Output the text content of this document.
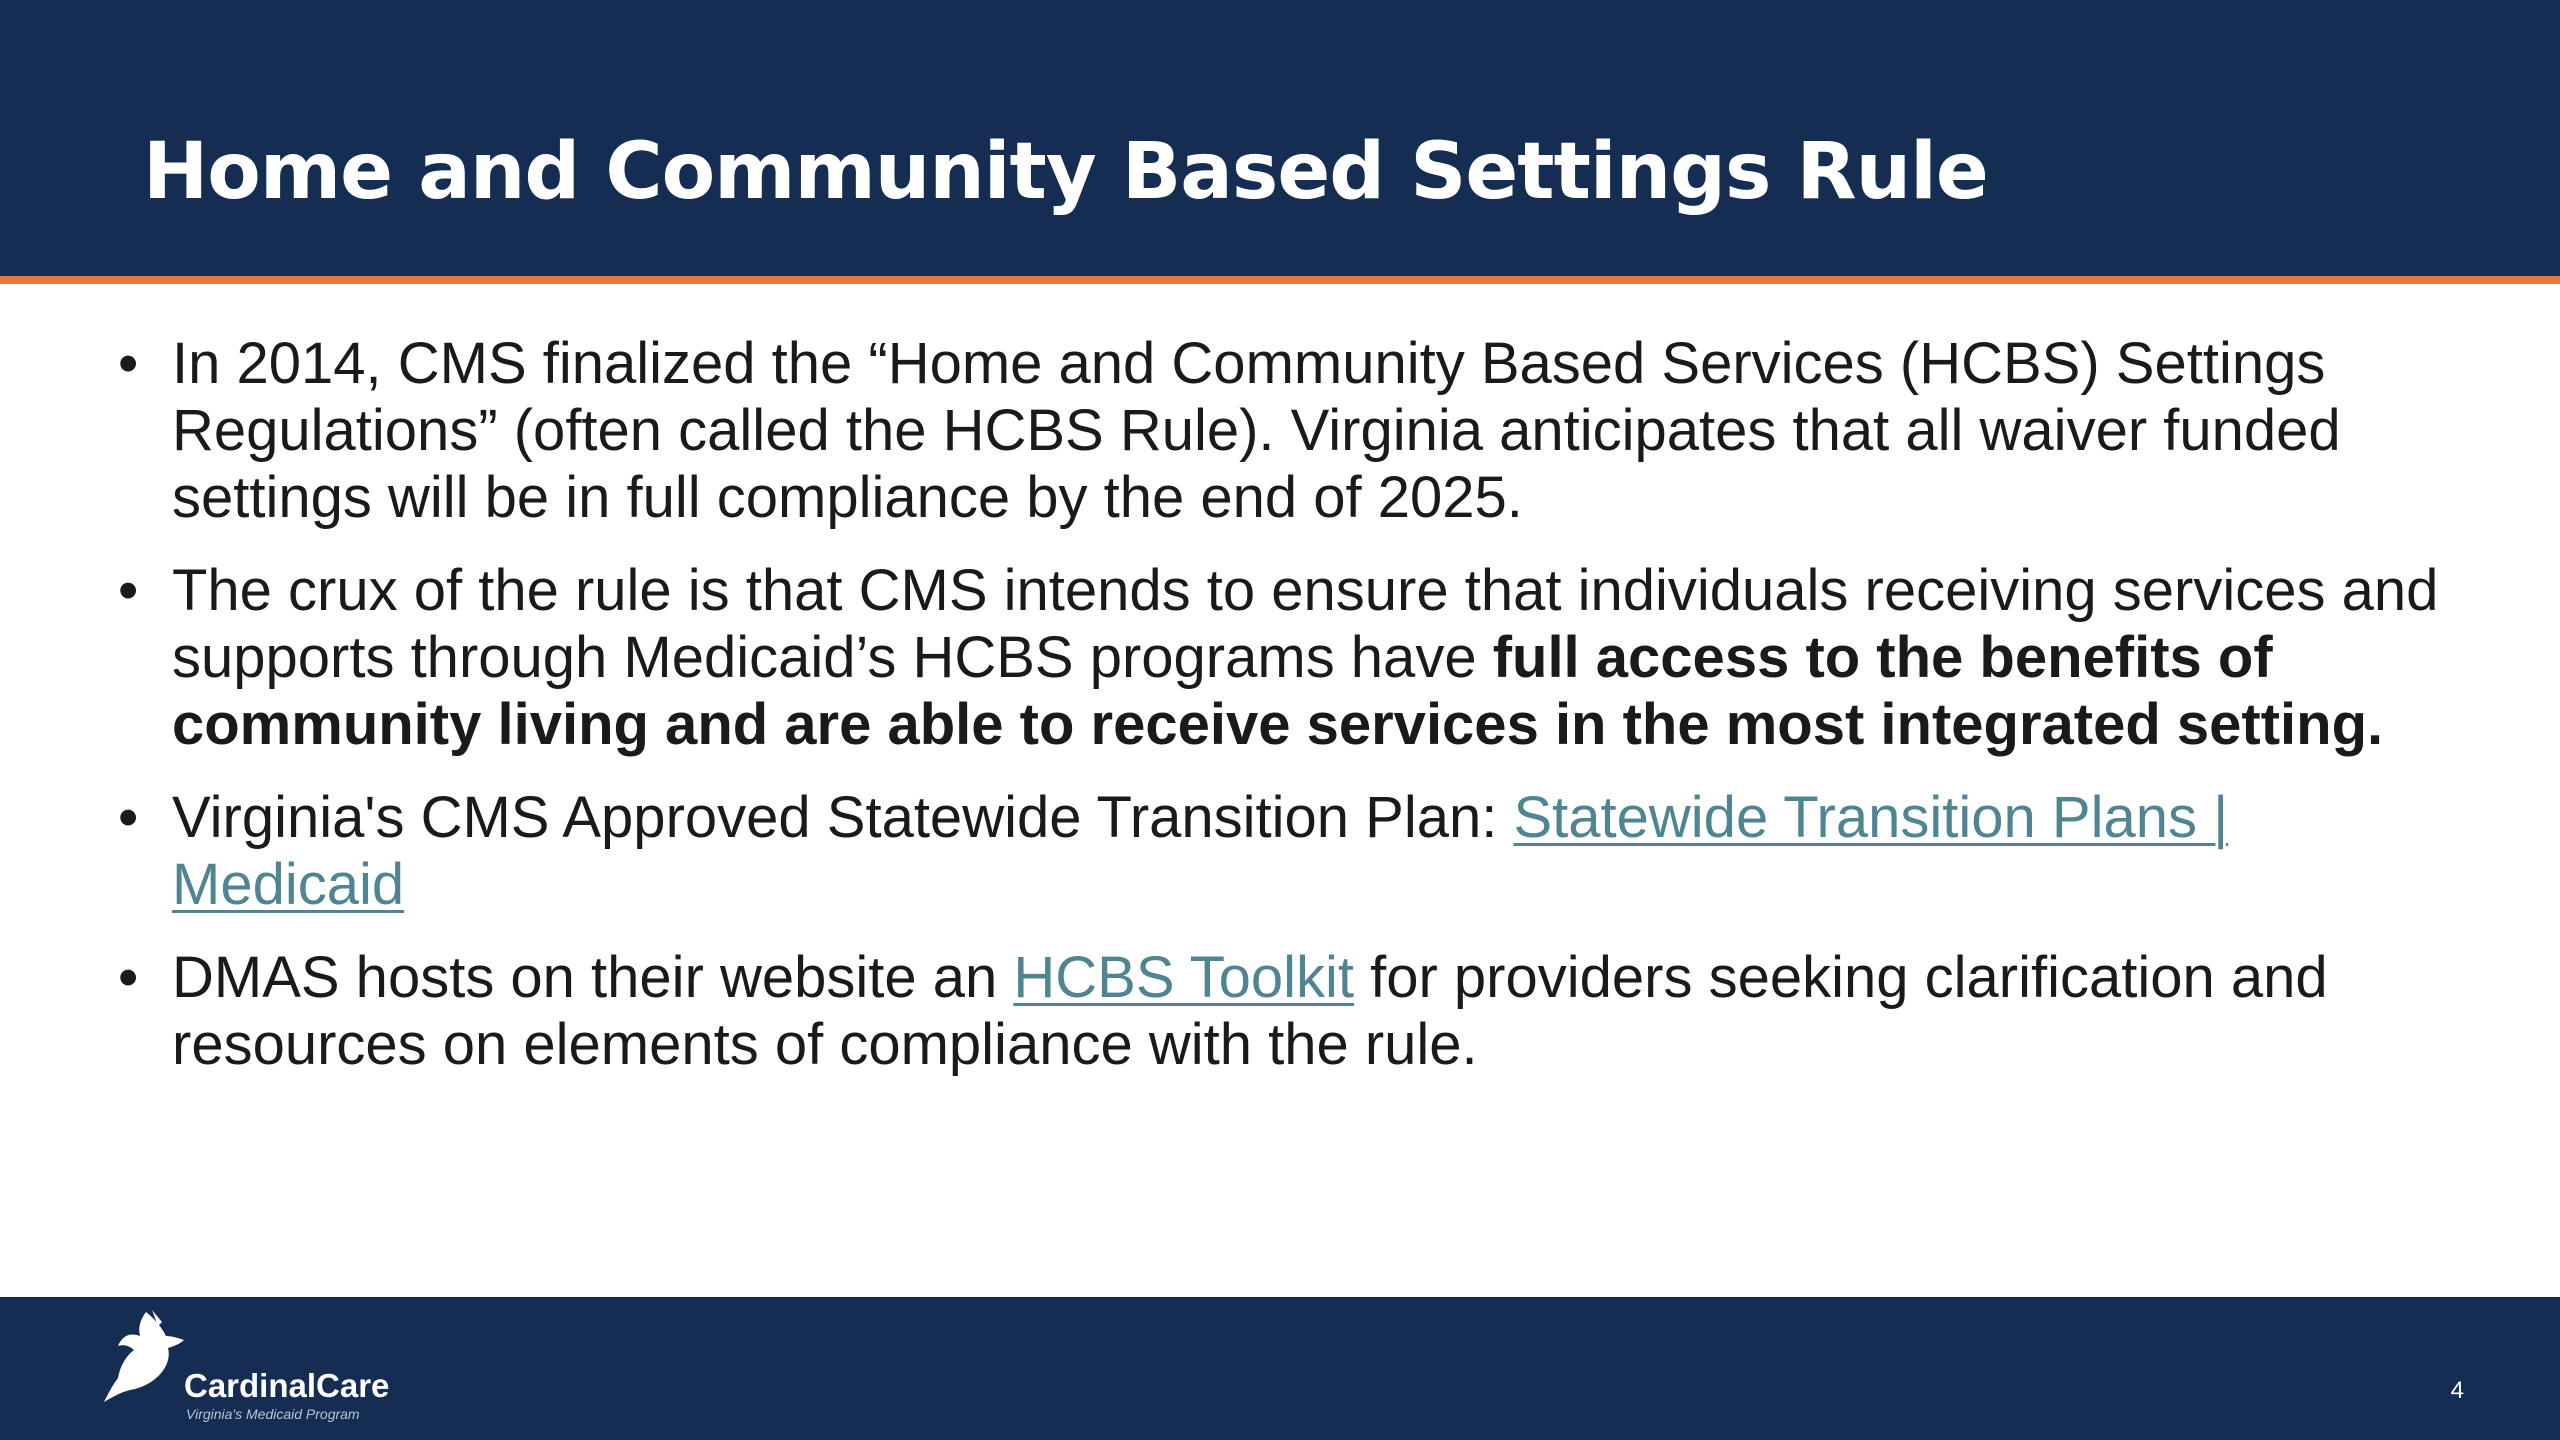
Home and Community Based Settings Rule
• In 2014, CMS finalized the “Home and Community Based Services (HCBS) Settings Regulations” (often called the HCBS Rule). Virginia anticipates that all waiver funded settings will be in full compliance by the end of 2025.
• The crux of the rule is that CMS intends to ensure that individuals receiving services and supports through Medicaid’s HCBS programs have full access to the benefits of community living and are able to receive services in the most integrated setting.
• Virginia's CMS Approved Statewide Transition Plan: Statewide Transition Plans | Medicaid
• DMAS hosts on their website an HCBS Toolkit for providers seeking clarification and resources on elements of compliance with the rule.
CardinalCare
Virginia's Medicaid Program
4
